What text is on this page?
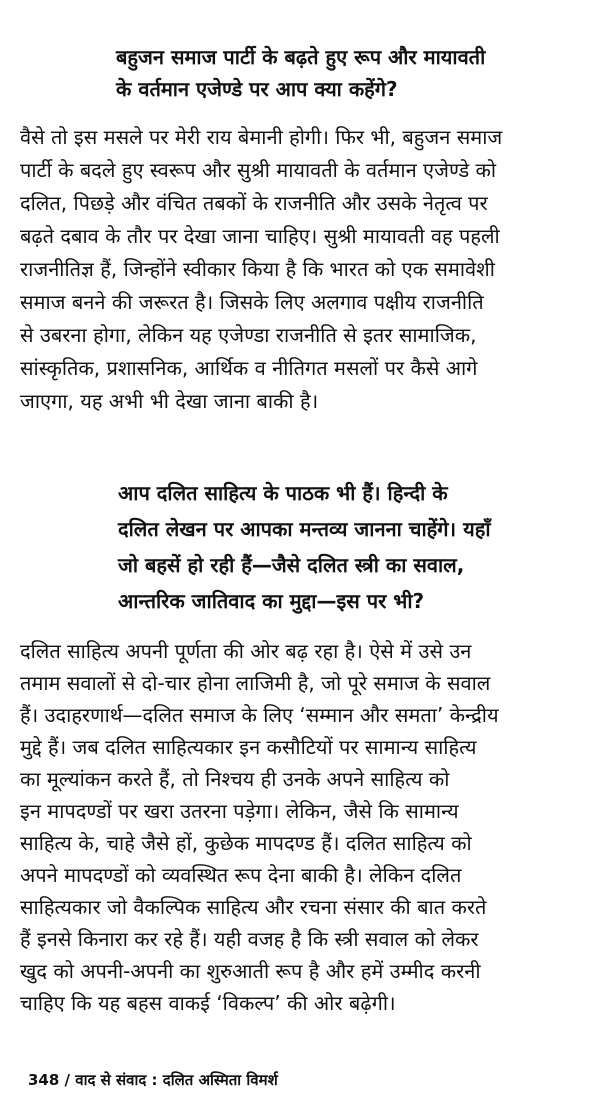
बहुजन समाज पार्टी के बढ़ते हुए रूप और मायावती
के वर्तमान एजेण्डे पर आप क्या कहेंगे?
वैसे तो इस मसले पर मेरी राय बेमानी होगी। फिर भी, बहुजन समाज
पार्टी के बदले हुए स्वरूप और सुश्री मायावती के वर्तमान एजेण्डे को
दलित, पिछड़े और वंचित तबकों के राजनीति और उसके नेतृत्व पर
बढ़ते दबाव के तौर पर देखा जाना चाहिए। सुश्री मायावती वह पहली
राजनीतिज्ञ हैं, जिन्होंने स्वीकार किया है कि भारत को एक समावेशी
समाज बनने की जरूरत है। जिसके लिए अलगाव पक्षीय राजनीति
से उबरना होगा, लेकिन यह एजेण्डा राजनीति से इतर सामाजिक,
सांस्कृतिक, प्रशासनिक, आर्थिक व नीतिगत मसलों पर कैसे आगे
जाएगा, यह अभी भी देखा जाना बाकी है।
आप दलित साहित्य के पाठक भी हैं। हिन्दी के
दलित लेखन पर आपका मन्तव्य जानना चाहेंगे। यहाँ
जो बहसें हो रही हैं—जैसे दलित स्त्री का सवाल,
आन्तरिक जातिवाद का मुद्दा—इस पर भी?
दलित साहित्य अपनी पूर्णता की ओर बढ़ रहा है। ऐसे में उसे उन
तमाम सवालों से दो-चार होना लाजिमी है, जो पूरे समाज के सवाल
हैं। उदाहरणार्थ—दलित समाज के लिए ‘सम्मान और समता’ केन्द्रीय
मुद्दे हैं। जब दलित साहित्यकार इन कसौटियों पर सामान्य साहित्य
का मूल्यांकन करते हैं, तो निश्चय ही उनके अपने साहित्य को
इन मापदण्डों पर खरा उतरना पड़ेगा। लेकिन, जैसे कि सामान्य
साहित्य के, चाहे जैसे हों, कुछेक मापदण्ड हैं। दलित साहित्य को
अपने मापदण्डों को व्यवस्थित रूप देना बाकी है। लेकिन दलित
साहित्यकार जो वैकल्पिक साहित्य और रचना संसार की बात करते
हैं इनसे किनारा कर रहे हैं। यही वजह है कि स्त्री सवाल को लेकर
खुद को अपनी-अपनी का शुरुआती रूप है और हमें उम्मीद करनी
चाहिए कि यह बहस वाकई ‘विकल्प’ की ओर बढ़ेगी।
348 / वाद से संवाद : दलित अस्मिता विमर्श
